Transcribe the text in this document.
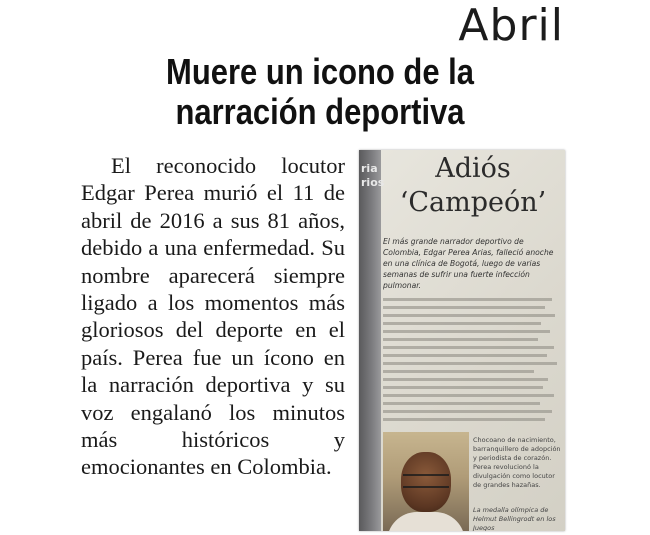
Abril
Muere un icono de la
narración deportiva

El reconocido locutor Edgar Perea murió el 11 de abril de 2016 a sus 81 años, debido a una enfermedad. Su nombre aparecerá siempre ligado a los momentos más gloriosos del deporte en el país. Perea fue un ícono en la narración deportiva y su voz engalanó los minutos más históricos y emocionantes en Colombia.

ria
rios	Adiós
‘Campeón’
El más grande narrador deportivo de Colombia, Edgar Perea Arias, falleció anoche en una clínica de Bogotá, luego de varias semanas de sufrir una fuerte infección pulmonar.
Chocoano de nacimiento, barranquillero de adopción y periodista de corazón. Perea revolucionó la divulgación como locutor de grandes hazañas.
La medalla olímpica de Helmut Bellingrodt en los Juegos
